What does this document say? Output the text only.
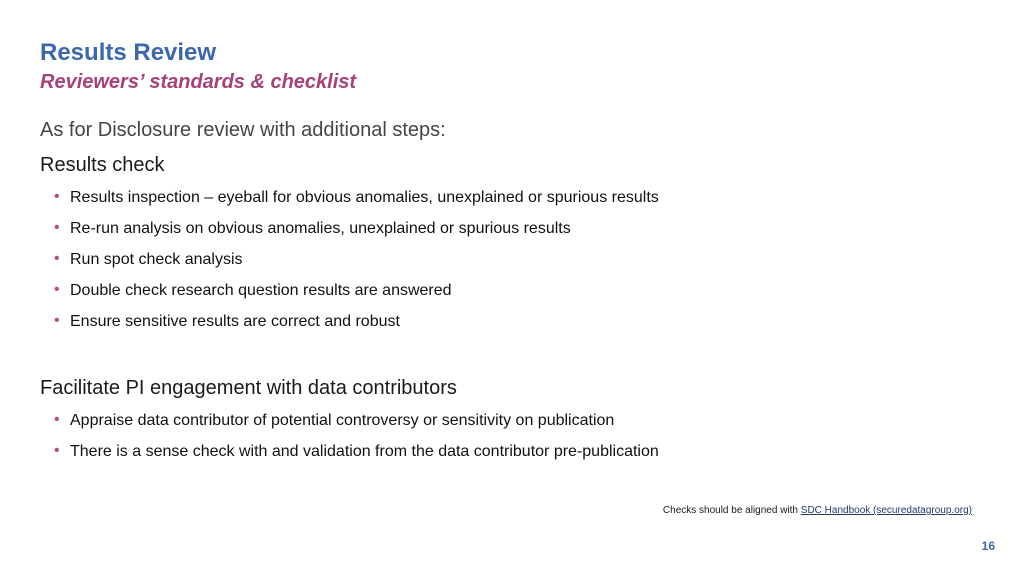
Results Review
Reviewers’ standards & checklist
As for Disclosure review with additional steps:
Results check
• Results inspection – eyeball for obvious anomalies, unexplained or spurious results
• Re-run analysis on obvious anomalies, unexplained or spurious results
• Run spot check analysis
• Double check research question results are answered
• Ensure sensitive results are correct and robust
Facilitate PI engagement with data contributors
• Appraise data contributor of potential controversy or sensitivity on publication
• There is a sense check with and validation from the data contributor pre-publication
Checks should be aligned with SDC Handbook (securedatagroup.org)
16
